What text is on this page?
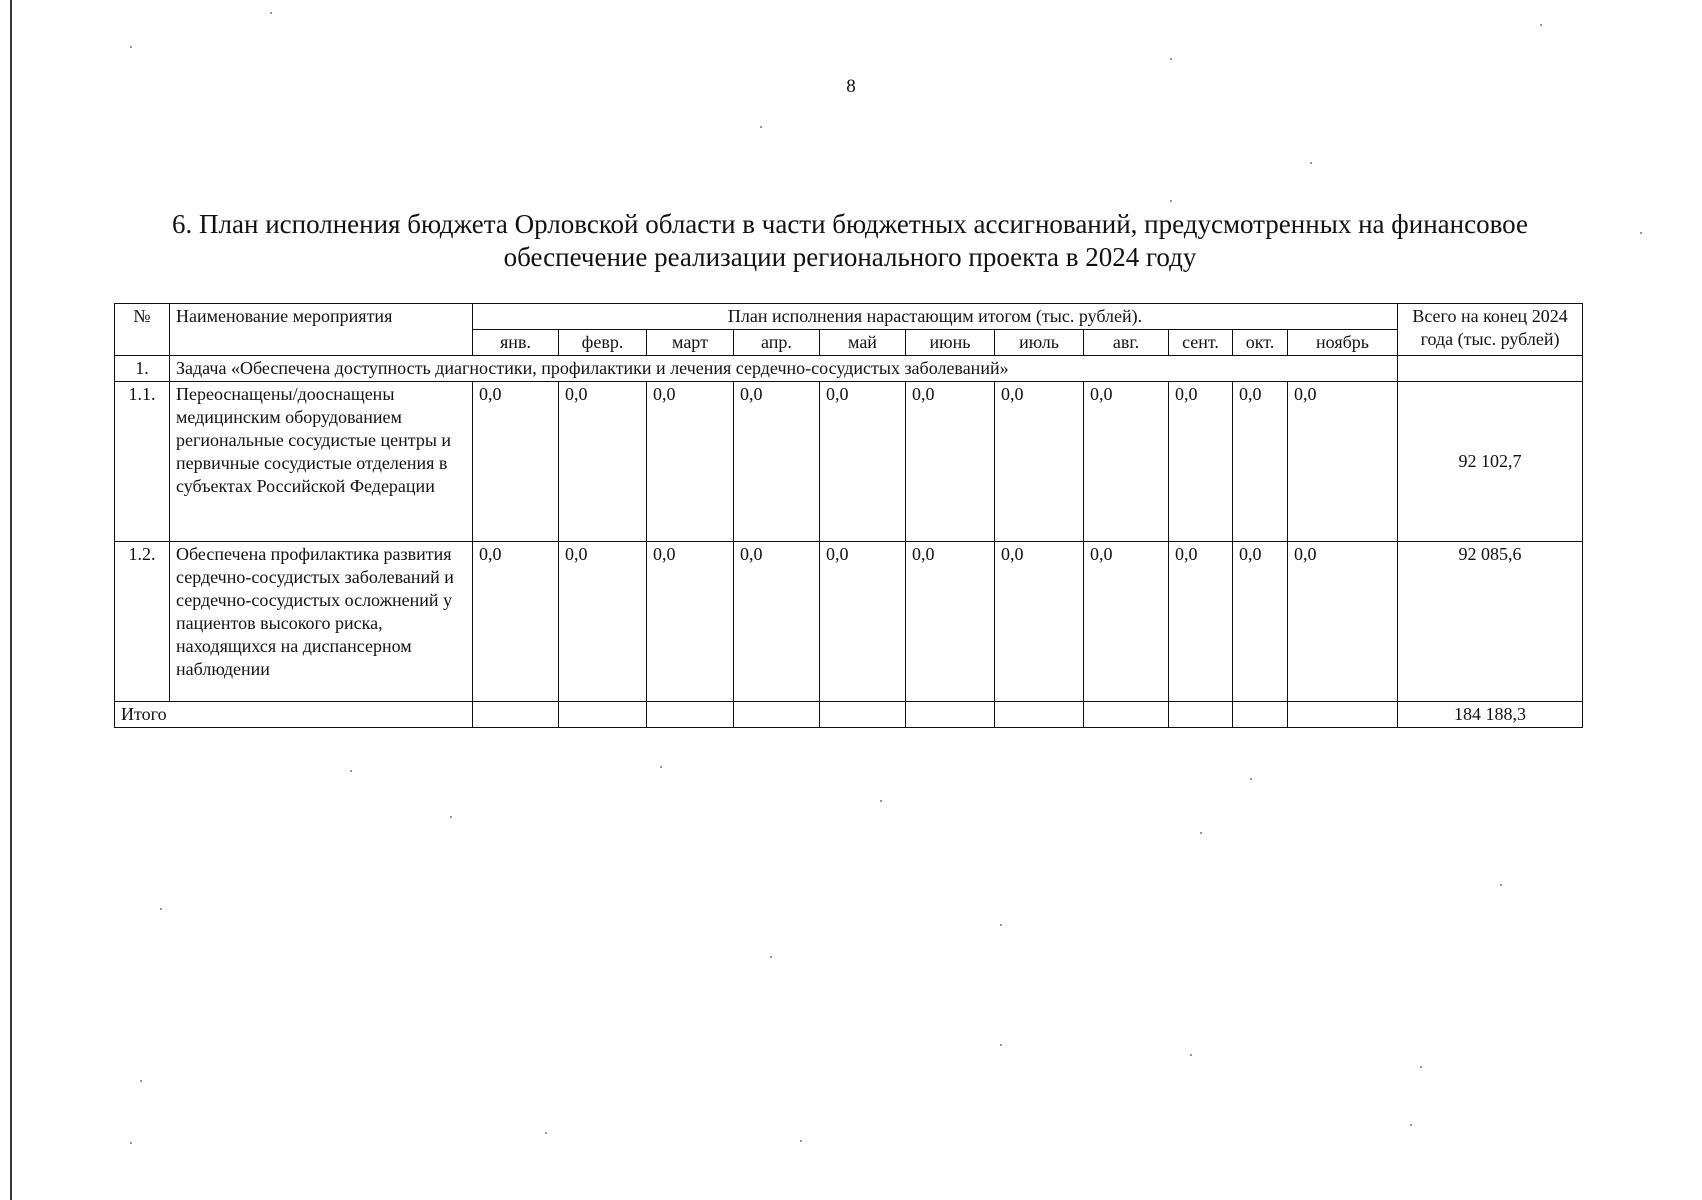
8
6. План исполнения бюджета Орловской области в части бюджетных ассигнований, предусмотренных на финансовое
обеспечение реализации регионального проекта в 2024 году
№	Наименование мероприятия	План исполнения нарастающим итогом (тыс. рублей).											Всего на конец 2024 года (тыс. рублей)
		янв.	февр.	март	апр.	май	июнь	июль	авг.	сент.	окт.	ноябрь	
1.	Задача «Обеспечена доступность диагностики, профилактики и лечения сердечно-сосудистых заболеваний»												
1.1.	Переоснащены/дооснащены медицинским оборудованием региональные сосудистые центры и первичные сосудистые отделения в субъектах Российской Федерации	0,0	0,0	0,0	0,0	0,0	0,0	0,0	0,0	0,0	0,0	0,0	92 102,7
1.2.	Обеспечена профилактика развития сердечно-сосудистых заболеваний и сердечно-сосудистых осложнений у пациентов высокого риска, находящихся на диспансерном наблюдении	0,0	0,0	0,0	0,0	0,0	0,0	0,0	0,0	0,0	0,0	0,0	92 085,6
Итого													184 188,3
